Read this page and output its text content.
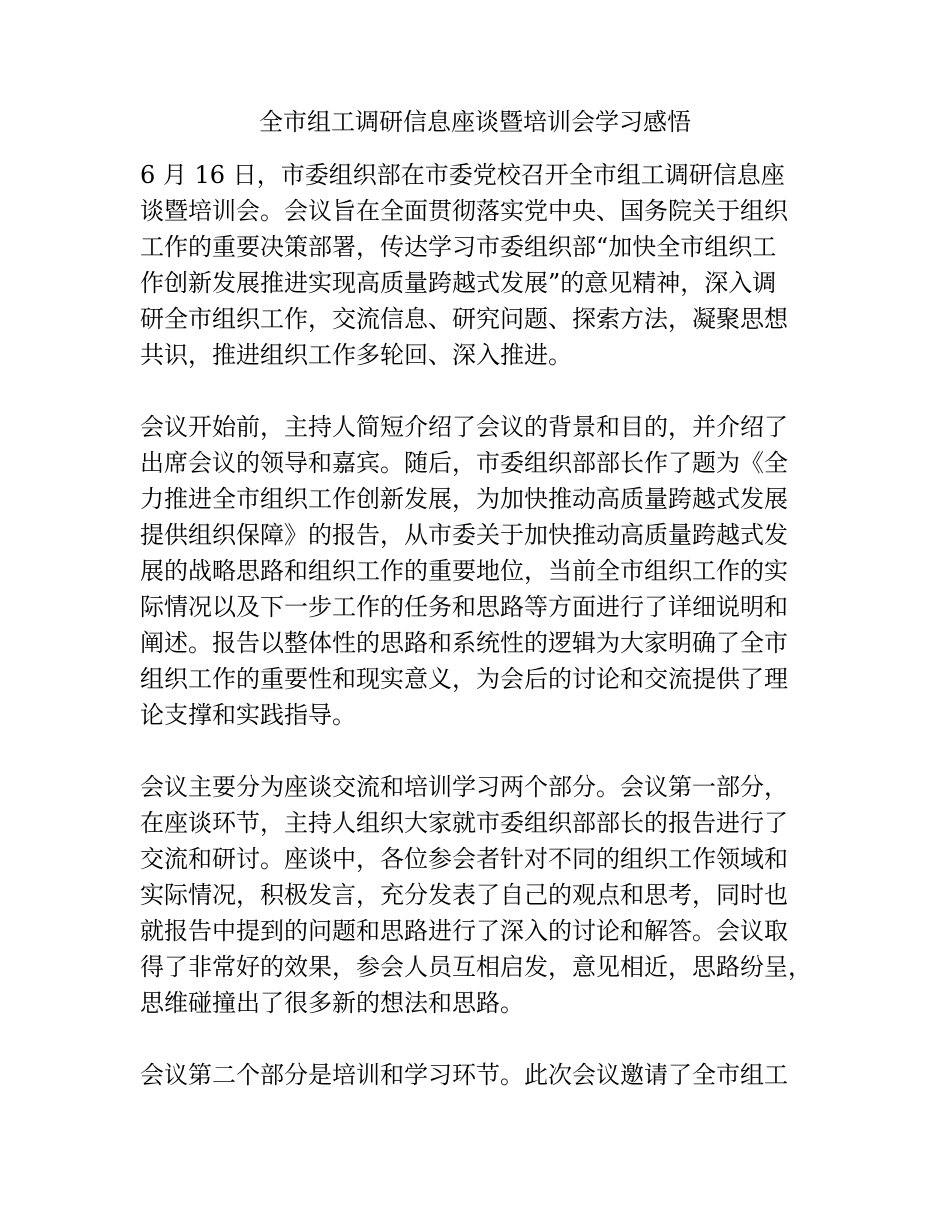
全市组工调研信息座谈暨培训会学习感悟
6 月 16 日，市委组织部在市委党校召开全市组工调研信息座
谈暨培训会。会议旨在全面贯彻落实党中央、国务院关于组织
工作的重要决策部署，传达学习市委组织部“加快全市组织工
作创新发展推进实现高质量跨越式发展”的意见精神，深入调
研全市组织工作，交流信息、研究问题、探索方法，凝聚思想
共识，推进组织工作多轮回、深入推进。
会议开始前，主持人简短介绍了会议的背景和目的，并介绍了
出席会议的领导和嘉宾。随后，市委组织部部长作了题为《全
力推进全市组织工作创新发展，为加快推动高质量跨越式发展
提供组织保障》的报告，从市委关于加快推动高质量跨越式发
展的战略思路和组织工作的重要地位，当前全市组织工作的实
际情况以及下一步工作的任务和思路等方面进行了详细说明和
阐述。报告以整体性的思路和系统性的逻辑为大家明确了全市
组织工作的重要性和现实意义，为会后的讨论和交流提供了理
论支撑和实践指导。
会议主要分为座谈交流和培训学习两个部分。会议第一部分，
在座谈环节，主持人组织大家就市委组织部部长的报告进行了
交流和研讨。座谈中，各位参会者针对不同的组织工作领域和
实际情况，积极发言，充分发表了自己的观点和思考，同时也
就报告中提到的问题和思路进行了深入的讨论和解答。会议取
得了非常好的效果，参会人员互相启发，意见相近，思路纷呈，
思维碰撞出了很多新的想法和思路。
会议第二个部分是培训和学习环节。此次会议邀请了全市组工
